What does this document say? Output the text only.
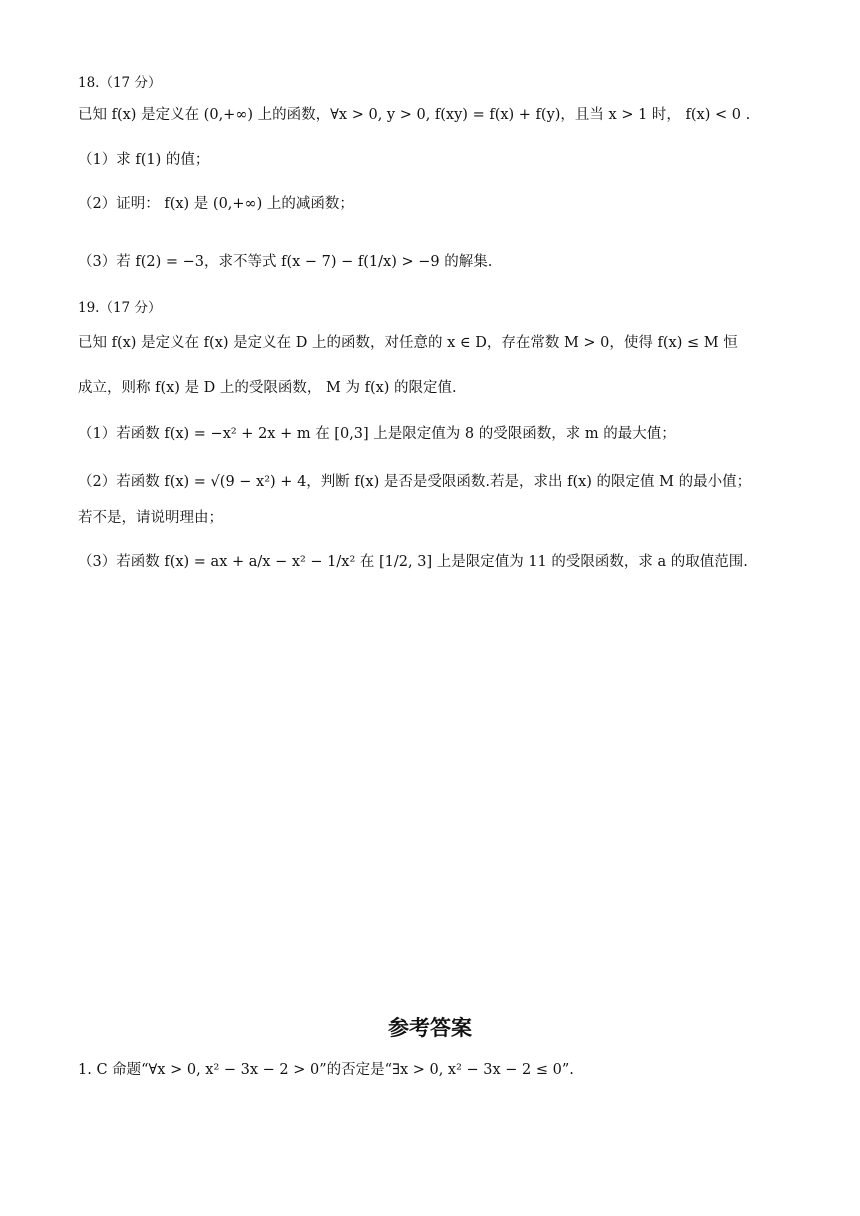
18.（17 分）
已知 f(x) 是定义在 (0,+∞) 上的函数，∀x > 0, y > 0, f(xy) = f(x) + f(y)，且当 x > 1 时， f(x) < 0 .
（1）求 f(1) 的值；
（2）证明： f(x) 是 (0,+∞) 上的减函数；
（3）若 f(2) = −3，求不等式 f(x − 7) − f(1/x) > −9 的解集.
19.（17 分）
已知 f(x) 是定义在 f(x) 是定义在 D 上的函数，对任意的 x ∈ D，存在常数 M > 0，使得 f(x) ≤ M 恒
成立，则称 f(x) 是 D 上的受限函数， M 为 f(x) 的限定值.
（1）若函数 f(x) = −x² + 2x + m 在 [0,3] 上是限定值为 8 的受限函数，求 m 的最大值；
（2）若函数 f(x) = √(9 − x²) + 4，判断 f(x) 是否是受限函数.若是，求出 f(x) 的限定值 M 的最小值；
若不是，请说明理由；
（3）若函数 f(x) = ax + a/x − x² − 1/x² 在 [1/2, 3] 上是限定值为 11 的受限函数，求 a 的取值范围.
参考答案
1. C 命题“∀x > 0, x² − 3x − 2 > 0”的否定是“∃x > 0, x² − 3x − 2 ≤ 0”.
